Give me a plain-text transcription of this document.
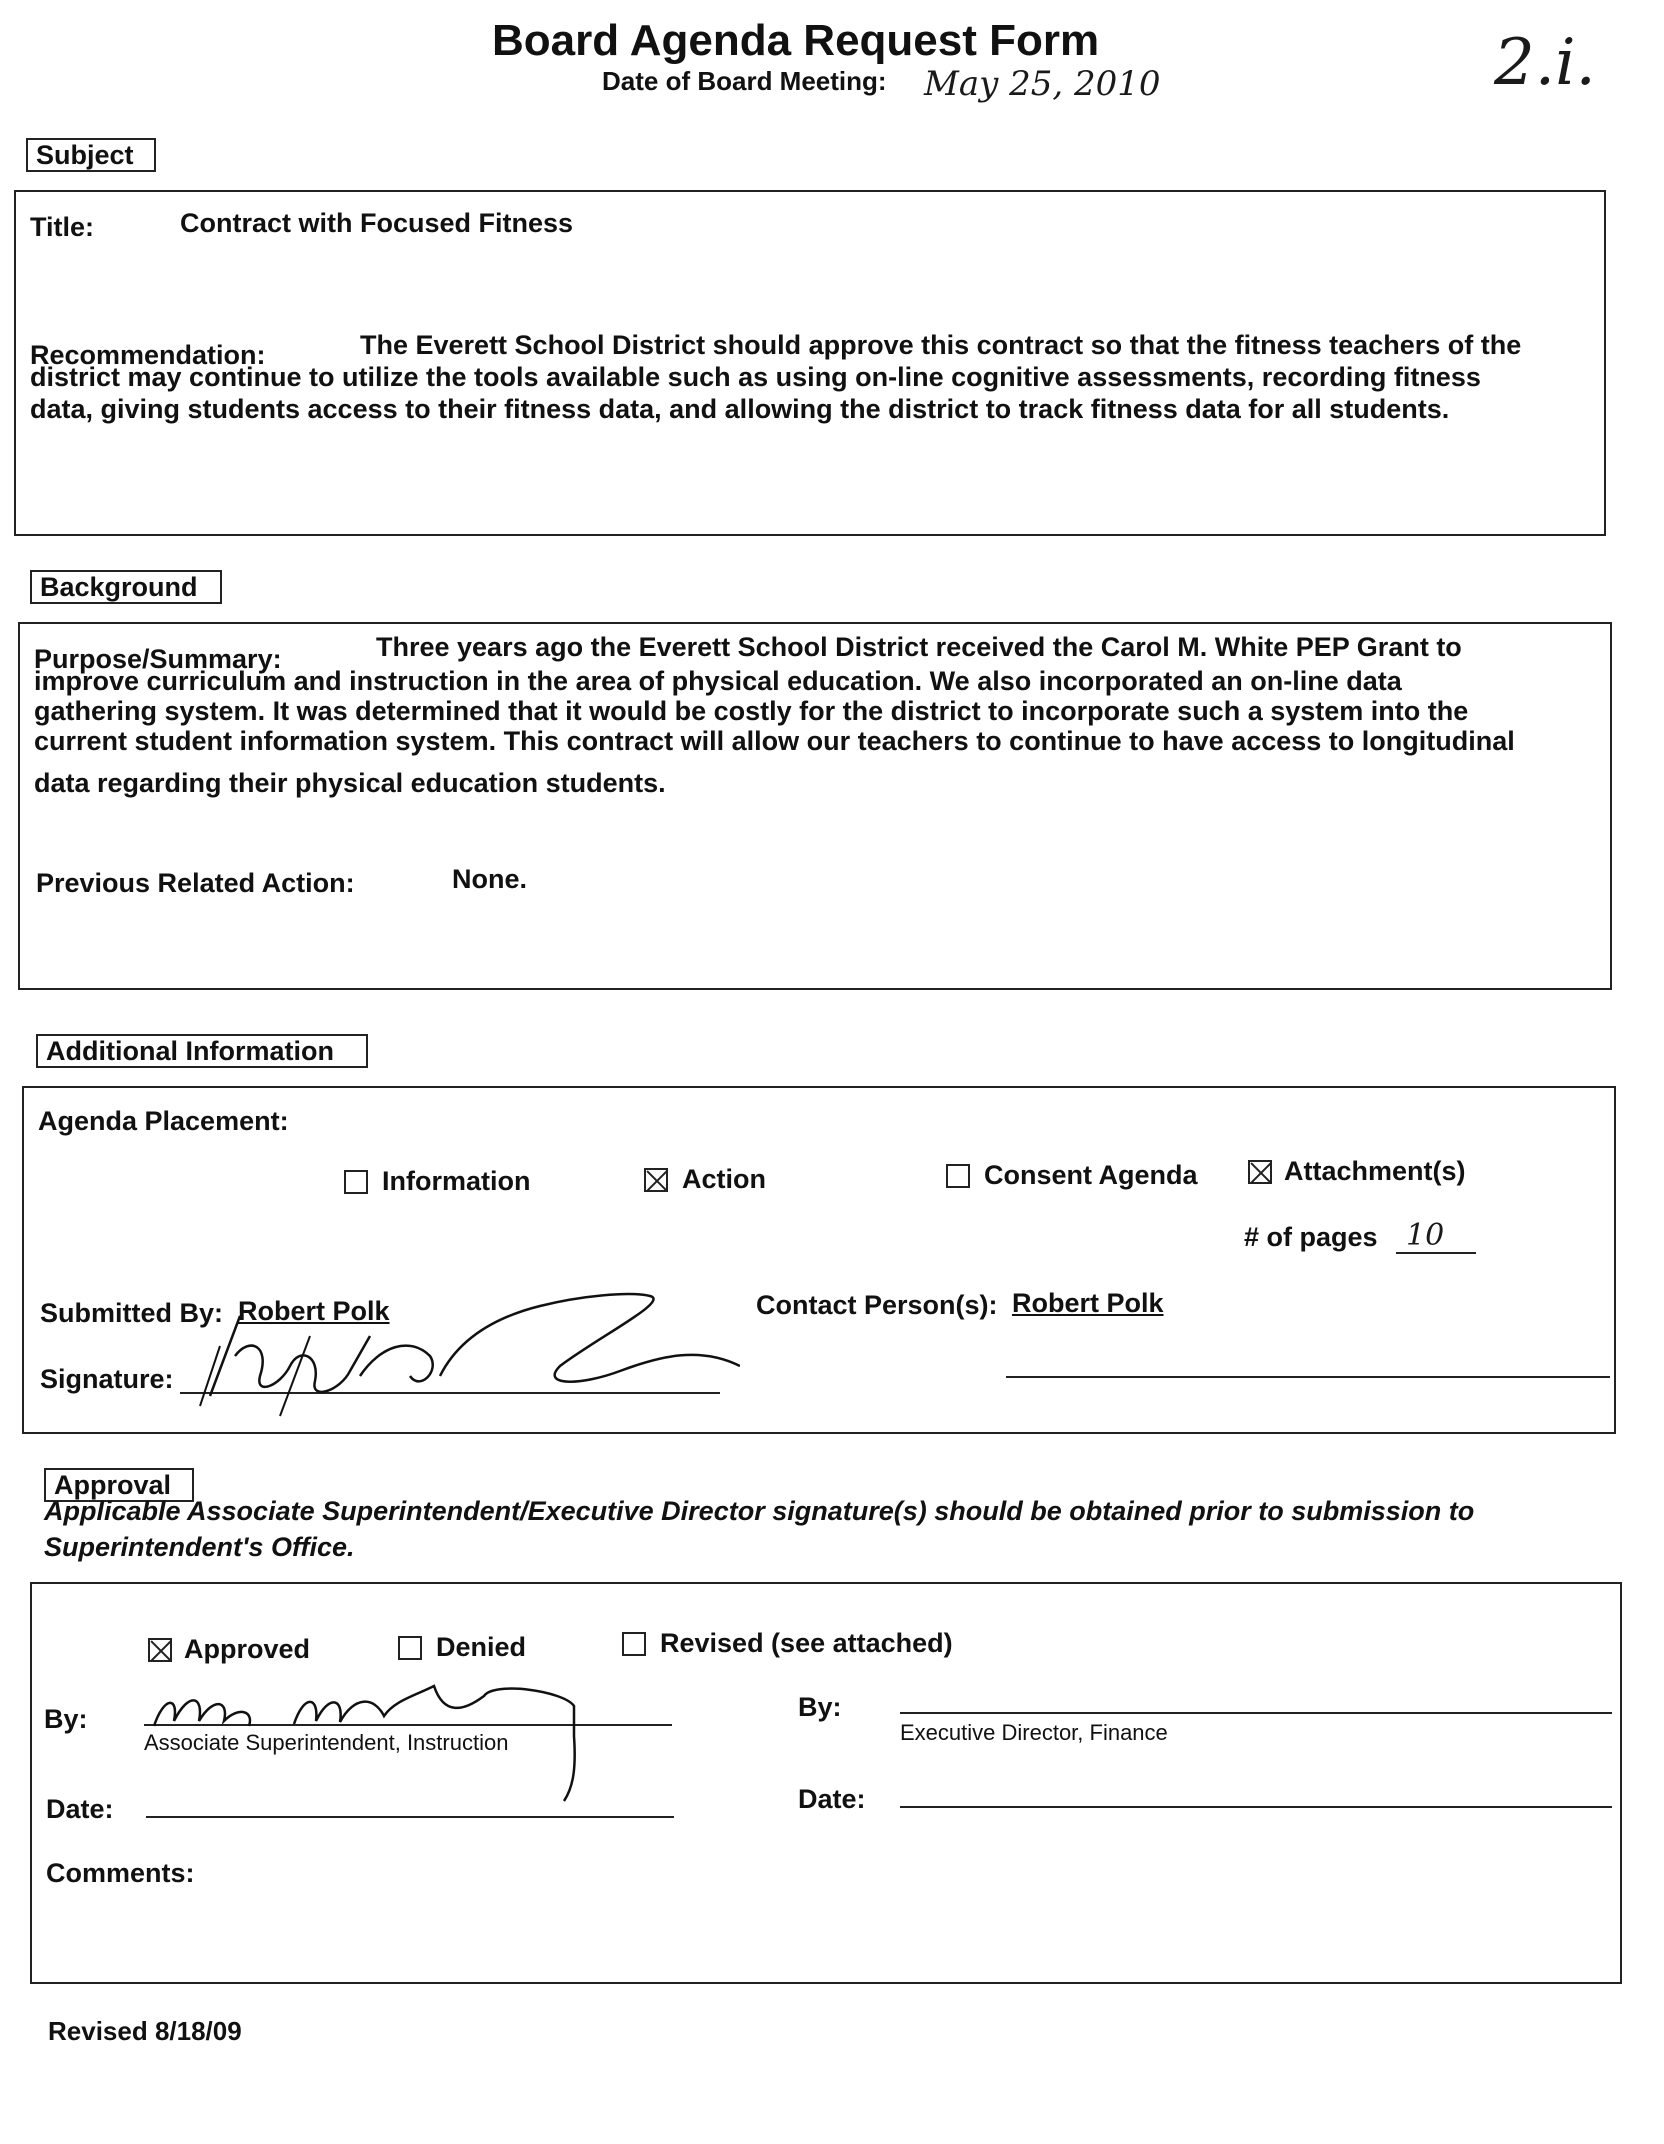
Board Agenda Request Form
Date of Board Meeting: May 25, 2010	2.i.
Subject
Title:	Contract with Focused Fitness
Recommendation:	The Everett School District should approve this contract so that the fitness teachers of the
district may continue to utilize the tools available such as using on-line cognitive assessments, recording fitness
data, giving students access to their fitness data, and allowing the district to track fitness data for all students.
Background
Purpose/Summary:	Three years ago the Everett School District received the Carol M. White PEP Grant to
improve curriculum and instruction in the area of physical education. We also incorporated an on-line data
gathering system. It was determined that it would be costly for the district to incorporate such a system into the
current student information system. This contract will allow our teachers to continue to have access to longitudinal
data regarding their physical education students.
Previous Related Action:	None.
Additional Information
Agenda Placement:
Information	Action	Consent Agenda	Attachment(s)
# of pages 10
Submitted By: Robert Polk	Contact Person(s): Robert Polk
Signature:
Approval
Applicable Associate Superintendent/Executive Director signature(s) should be obtained prior to submission to
Superintendent's Office.
Approved	Denied	Revised (see attached)
By:
Associate Superintendent, Instruction
By:
Executive Director, Finance
Date:	Date:
Comments:
Revised 8/18/09
